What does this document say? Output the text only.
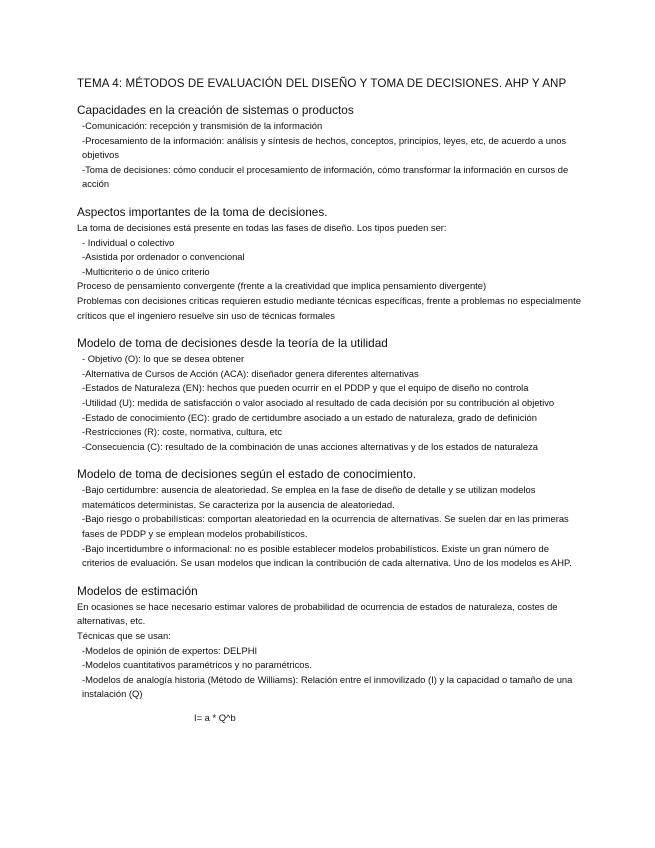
TEMA 4: MÉTODOS DE EVALUACIÓN DEL DISEÑO Y TOMA DE DECISIONES. AHP Y ANP

Capacidades en la creación de sistemas o productos

-Comunicación: recepción y transmisión de la información

-Procesamiento de la información: análisis y síntesis de hechos, conceptos, principios, leyes, etc, de acuerdo a unos objetivos

-Toma de decisiones: cómo conducir el procesamiento de información, cómo transformar la información en cursos de acción

Aspectos importantes de la toma de decisiones.

La toma de decisiones está presente en todas las fases de diseño. Los tipos pueden ser:

- Individual o colectivo

-Asistida por ordenador o convencional

-Multicriterio o de único criterio

Proceso de pensamiento convergente (frente a la creatividad que implica pensamiento divergente)

Problemas con decisiones críticas requieren estudio mediante técnicas específicas, frente a problemas no especialmente críticos que el ingeniero resuelve sin uso de técnicas formales

Modelo de toma de decisiones desde la teoría de la utilidad

- Objetivo (O): lo que se desea obtener

-Alternativa de Cursos de Acción (ACA): diseñador genera diferentes alternativas

-Estados de Naturaleza (EN): hechos que pueden ocurrir en el PDDP y que el equipo de diseño no controla

-Utilidad (U): medida de satisfacción o valor asociado al resultado de cada decisión por su contribución al objetivo

-Estado de conocimiento (EC): grado de certidumbre asociado a un estado de naturaleza, grado de definición

-Restricciones (R): coste, normativa, cultura, etc

-Consecuencia (C): resultado de la combinación de unas acciones alternativas y de los estados de naturaleza

Modelo de toma de decisiones según el estado de conocimiento.

-Bajo certidumbre: ausencia de aleatoriedad. Se emplea en la fase de diseño de detalle y se utilizan modelos matemáticos deterministas. Se caracteriza por la ausencia de aleatoriedad.

-Bajo riesgo o probabilísticas: comportan aleatoriedad en la ocurrencia de alternativas. Se suelen dar en las primeras fases de PDDP y se emplean modelos probabilísticos.

-Bajo incertidumbre o informacional: no es posible establecer modelos probabilísticos. Existe un gran número de criterios de evaluación. Se usan modelos que indican la contribución de cada alternativa. Uno de los modelos es AHP.

Modelos de estimación

En ocasiones se hace necesario estimar valores de probabilidad de ocurrencia de estados de naturaleza, costes de alternativas, etc.

Técnicas que se usan:

-Modelos de opinión de expertos: DELPHI

-Modelos cuantitativos paramétricos y no paramétricos.

-Modelos de analogía historia (Método de Williams): Relación entre el inmovilizado (I) y la capacidad o tamaño de una instalación (Q)

I= a * Q^b
